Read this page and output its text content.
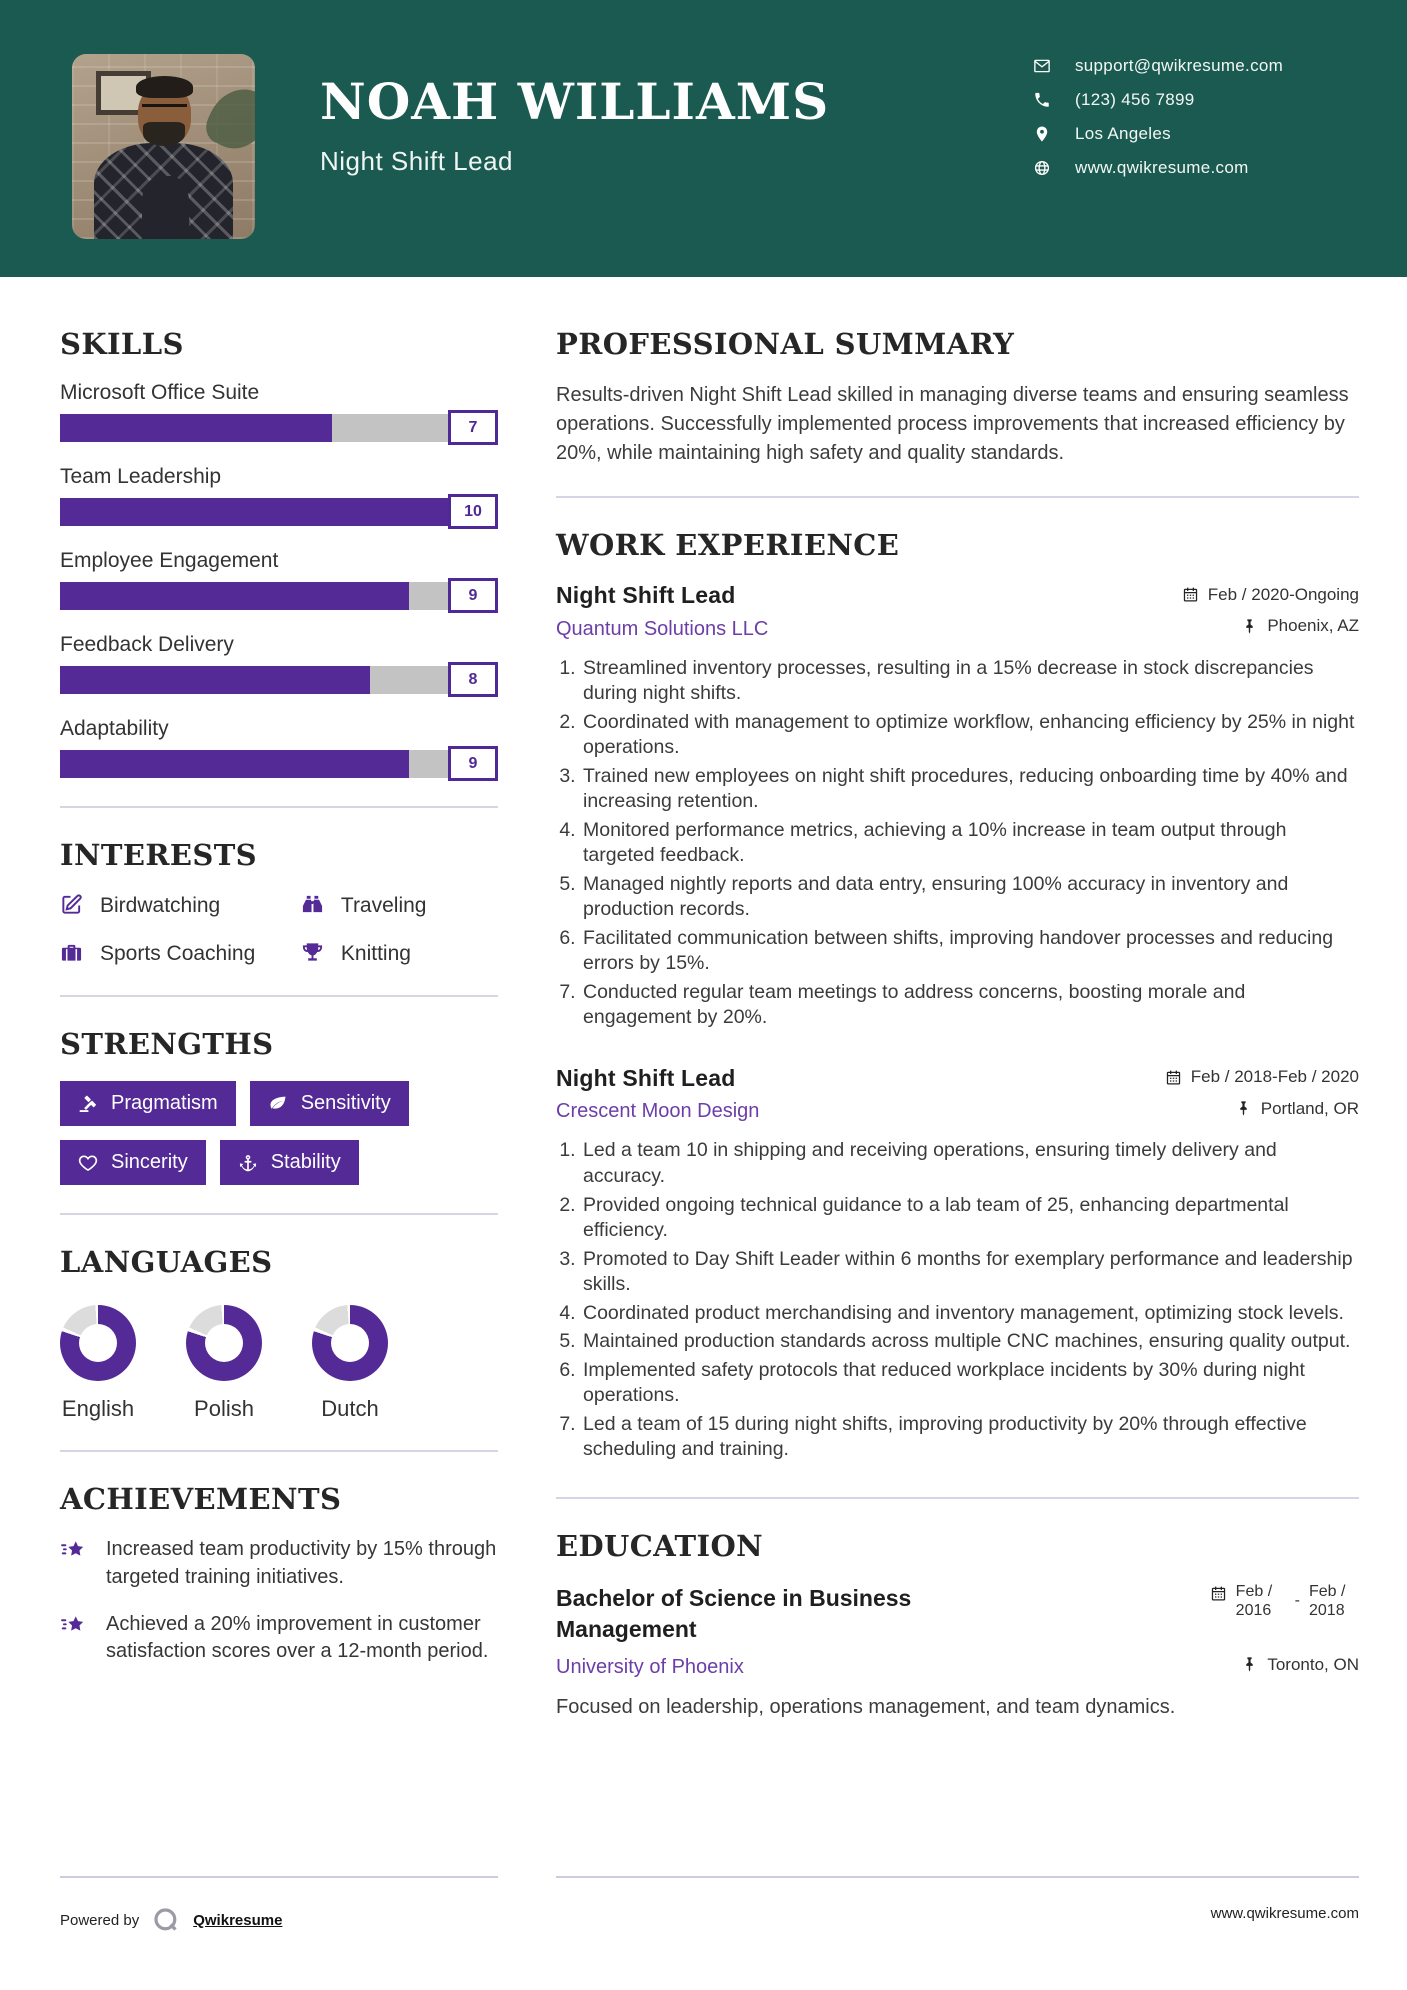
NOAH WILLIAMS
Night Shift Lead
support@qwikresume.com
(123) 456 7899
Los Angeles
www.qwikresume.com
SKILLS
Microsoft Office Suite
7
Team Leadership
10
Employee Engagement
9
Feedback Delivery
8
Adaptability
9
INTERESTS
Birdwatching	Traveling
Sports Coaching	Knitting
STRENGTHS
Pragmatism	Sensitivity
Sincerity	Stability
LANGUAGES
English	Polish	Dutch
ACHIEVEMENTS
Increased team productivity by 15% through targeted training initiatives.
Achieved a 20% improvement in customer satisfaction scores over a 12-month period.
PROFESSIONAL SUMMARY

Results-driven Night Shift Lead skilled in managing diverse teams and ensuring seamless operations. Successfully implemented process improvements that increased efficiency by 20%, while maintaining high safety and quality standards.

WORK EXPERIENCE
Night Shift Lead	Feb / 2020-Ongoing
Quantum Solutions LLC	Phoenix, AZ
1. Streamlined inventory processes, resulting in a 15% decrease in stock discrepancies during night shifts.
2. Coordinated with management to optimize workflow, enhancing efficiency by 25% in night operations.
3. Trained new employees on night shift procedures, reducing onboarding time by 40% and increasing retention.
4. Monitored performance metrics, achieving a 10% increase in team output through targeted feedback.
5. Managed nightly reports and data entry, ensuring 100% accuracy in inventory and production records.
6. Facilitated communication between shifts, improving handover processes and reducing errors by 15%.
7. Conducted regular team meetings to address concerns, boosting morale and engagement by 20%.
Night Shift Lead	Feb / 2018-Feb / 2020
Crescent Moon Design	Portland, OR
1. Led a team 10 in shipping and receiving operations, ensuring timely delivery and accuracy.
2. Provided ongoing technical guidance to a lab team of 25, enhancing departmental efficiency.
3. Promoted to Day Shift Leader within 6 months for exemplary performance and leadership skills.
4. Coordinated product merchandising and inventory management, optimizing stock levels.
5. Maintained production standards across multiple CNC machines, ensuring quality output.
6. Implemented safety protocols that reduced workplace incidents by 30% during night operations.
7. Led a team of 15 during night shifts, improving productivity by 20% through effective scheduling and training.
EDUCATION
Bachelor of Science in Business Management
Feb / 2016
-
Feb / 2018
University of Phoenix	Toronto, ON

Focused on leadership, operations management, and team dynamics.

Powered by	Qwikresume	www.qwikresume.com
